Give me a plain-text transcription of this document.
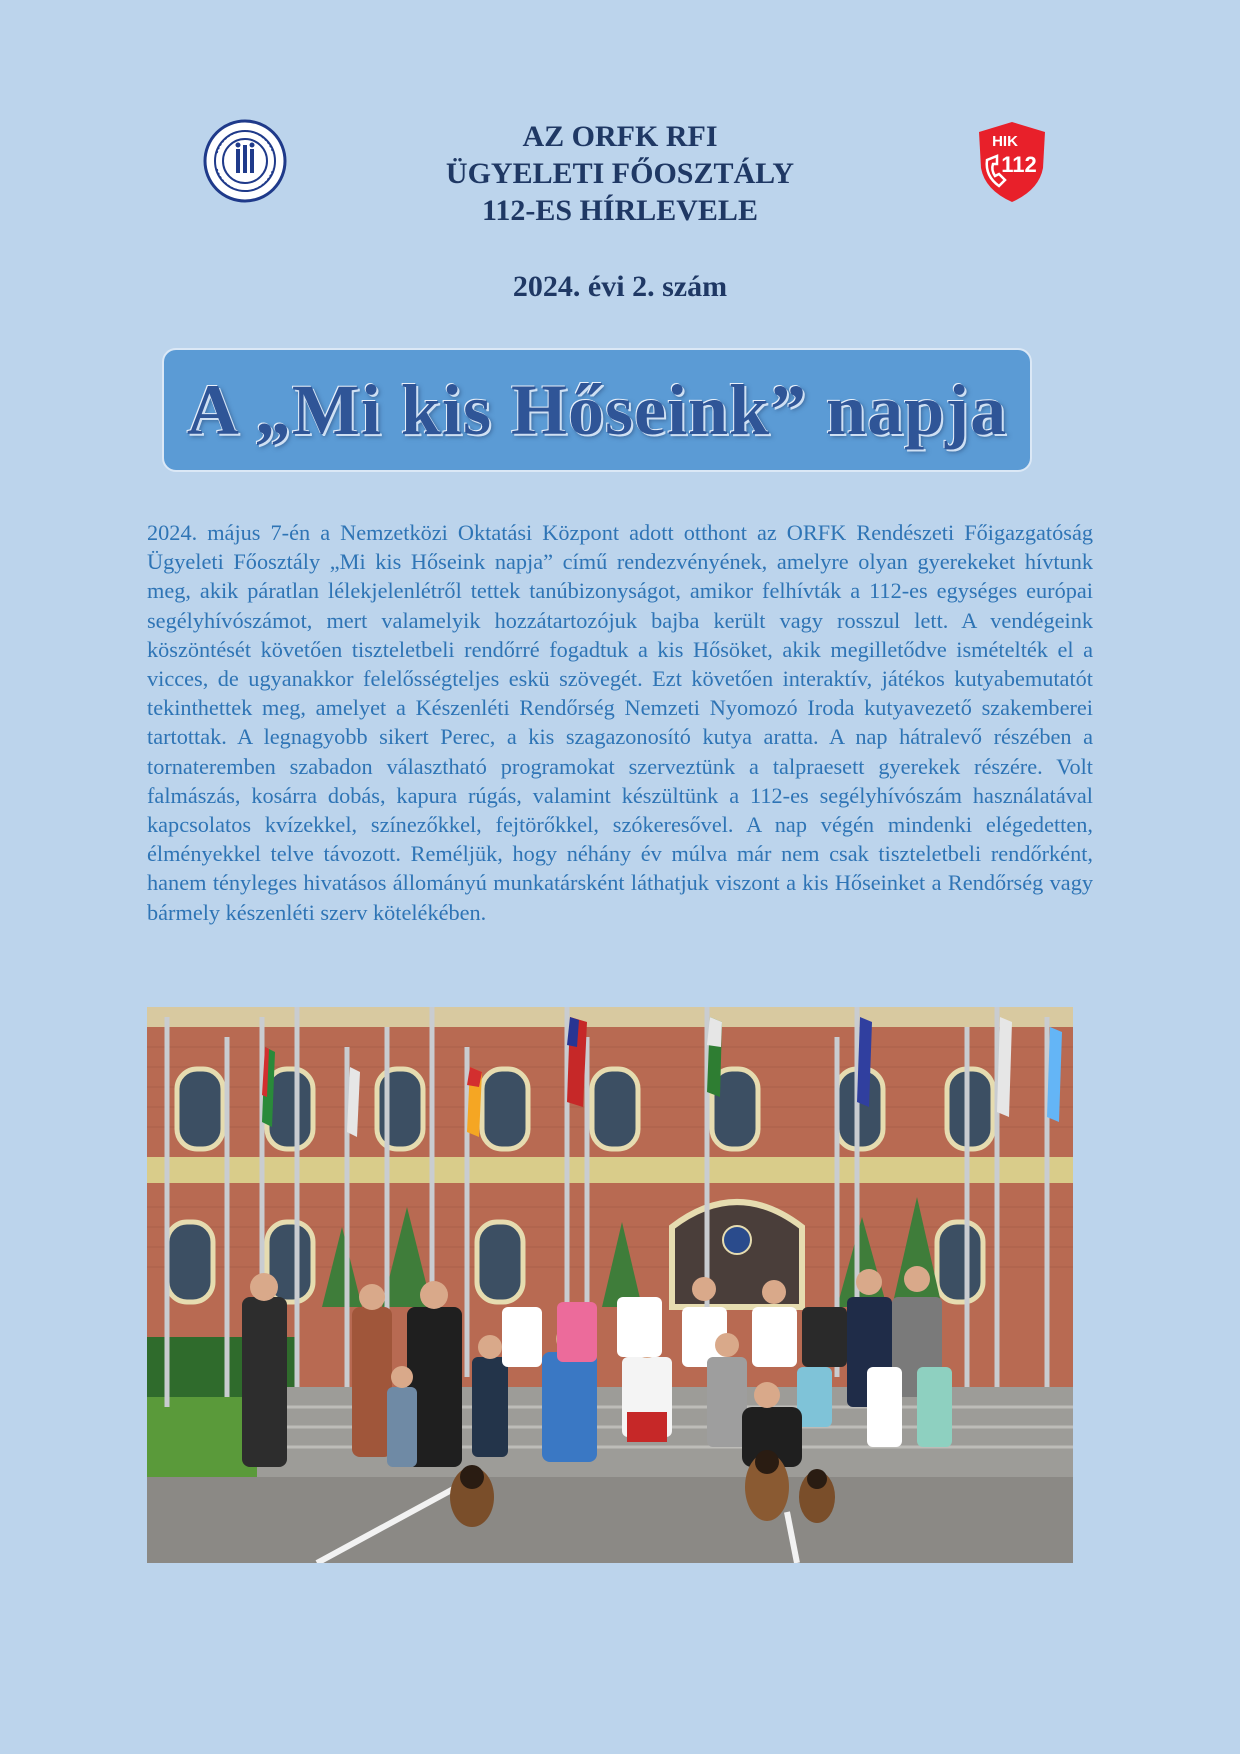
AZ ORFK RFI
ÜGYELETI FŐOSZTÁLY
112-ES HÍRLEVELE
HIK
112
2024. évi 2. szám
A „Mi kis Hőseink” napja

2024. május 7-én a Nemzetközi Oktatási Központ adott otthont az ORFK Rendészeti Főigazgatóság Ügyeleti Főosztály „Mi kis Hőseink napja” című rendezvényének, amelyre olyan gyerekeket hívtunk meg, akik páratlan lélekjelenlétről tettek tanúbizonyságot, amikor felhívták a 112-es egységes európai segélyhívószámot, mert valamelyik hozzátartozójuk bajba került vagy rosszul lett. A vendégeink köszöntését követően tiszteletbeli rendőrré fogadtuk a kis Hősöket, akik megilletődve ismételték el a vicces, de ugyanakkor felelősségteljes eskü szövegét. Ezt követően interaktív, játékos kutyabemutatót tekinthettek meg, amelyet a Készenléti Rendőrség Nemzeti Nyomozó Iroda kutyavezető szakemberei tartottak. A legnagyobb sikert Perec, a kis szagazonosító kutya aratta. A nap hátralevő részében a tornateremben szabadon választható programokat szerveztünk a talpraesett gyerekek részére. Volt falmászás, kosárra dobás, kapura rúgás, valamint készültünk a 112-es segélyhívószám használatával kapcsolatos kvízekkel, színezőkkel, fejtörőkkel, szókeresővel. A nap végén mindenki elégedetten, élményekkel telve távozott. Reméljük, hogy néhány év múlva már nem csak tiszteletbeli rendőrként, hanem tényleges hivatásos állományú munkatársként láthatjuk viszont a kis Hőseinket a Rendőrség vagy bármely készenléti szerv kötelékében.
